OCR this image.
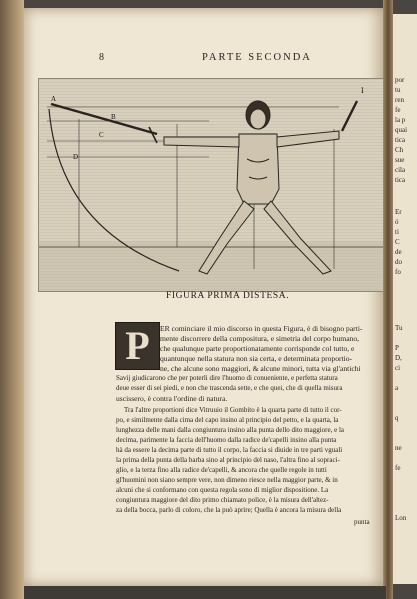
8	PARTE SECONDA
A
B
C
D
I
FIGURA PRIMA DISTESA.
P	ER cominciare il mio discorso in questa Figura, è di bisogno parti-
mente discorrere della compositura, e simetria del corpo humano,
che qualunque parte proportionatamente corrisponde col tutto, e
quantunque nella statura non sia certa, e determinata proportio-
ne, che alcune sono maggiori, & alcune minori, tutta via gl'antichi
Savij giudicarono che per poterli dire l'huomo di conueniente, e perfetta statura
deue esser di sei piedi, e non che trascenda sette, e che quei, che di quella misura
uscissero, è contra l'ordine di natura.
Tra l'altre proportioni dice Vitruuio il Gombito è la quarta parte di tutto il cor-
po, e similmente dalla cima del capo insino al principio del petto, e la quarta, la
lunghezza delle mani dalla congiuntura insino alla punta dello dito maggiore, e la
decima, parimente la faccia dell'huomo dalla radice de'capelli insino alla punta
hà da essere la decima parte di tutto il corpo, la faccia si diuide in tre parti vguali
la prima della punta della barba sino al principio del naso, l'altra fino al sopraci-
glio, e la terza fino alla radice de'capelli, & ancora che quelle regole in tutti
gl'huomini non siano sempre vere, non dimeno riesce nella maggior parte, & in
alcuni che si conformano con questa regola sono di miglior dispositione. La
congiuntura maggiore del dito primo chiamato police, è la misura dell'altez-
za della bocca, parlo di coloro, che la può aprire; Quella è ancora la misura della
punta
por
tu
ren
fe
la p
quai
tica
Ch
sue
cila
tica
Er
ó
ti
C
de
do
fo
Tu
P
D,
ci
a
q
ne
fe
Lon
